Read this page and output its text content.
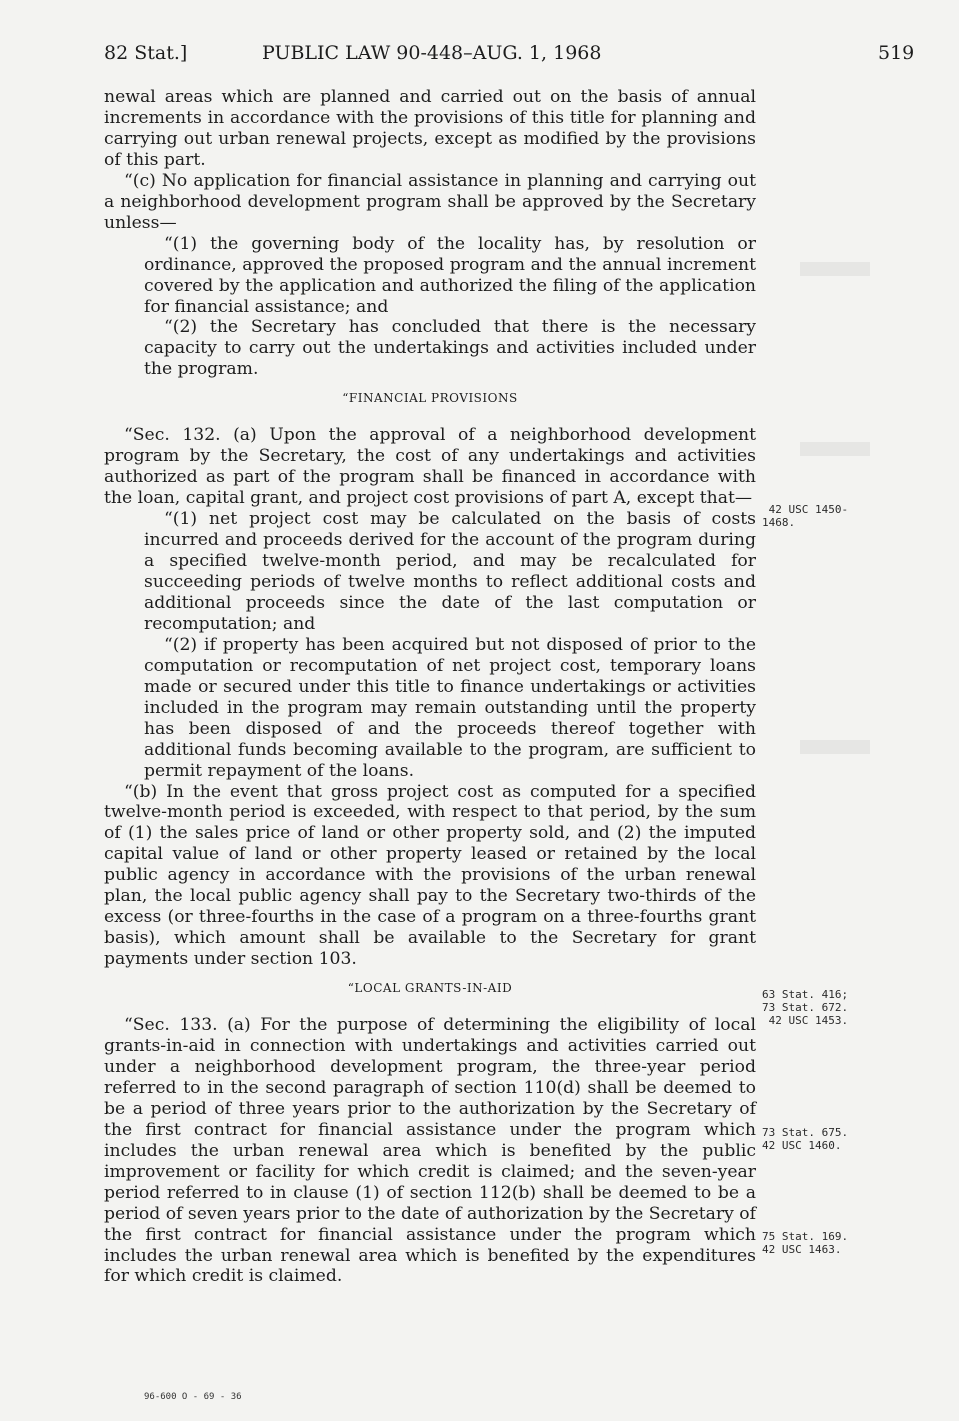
82 Stat.]	PUBLIC LAW 90-448–AUG. 1, 1968	519

newal areas which are planned and carried out on the basis of annual increments in accordance with the provisions of this title for planning and carrying out urban renewal projects, except as modified by the provisions of this part.

“(c) No application for financial assistance in planning and carrying out a neighborhood development program shall be approved by the Secretary unless—

“(1) the governing body of the locality has, by resolution or ordinance, approved the proposed program and the annual increment covered by the application and authorized the filing of the application for financial assistance; and

“(2) the Secretary has concluded that there is the necessary capacity to carry out the undertakings and activities included under the program.

“FINANCIAL PROVISIONS

“Sec. 132. (a) Upon the approval of a neighborhood development program by the Secretary, the cost of any undertakings and activities authorized as part of the program shall be financed in accordance with the loan, capital grant, and project cost provisions of part A, except that—

“(1) net project cost may be calculated on the basis of costs incurred and proceeds derived for the account of the program during a specified twelve-month period, and may be recalculated for succeeding periods of twelve months to reflect additional costs and additional proceeds since the date of the last computation or recomputation; and

“(2) if property has been acquired but not disposed of prior to the computation or recomputation of net project cost, temporary loans made or secured under this title to finance undertakings or activities included in the program may remain outstanding until the property has been disposed of and the proceeds thereof together with additional funds becoming available to the program, are sufficient to permit repayment of the loans.

“(b) In the event that gross project cost as computed for a specified twelve-month period is exceeded, with respect to that period, by the sum of (1) the sales price of land or other property sold, and (2) the imputed capital value of land or other property leased or retained by the local public agency in accordance with the provisions of the urban renewal plan, the local public agency shall pay to the Secretary two-thirds of the excess (or three-fourths in the case of a program on a three-fourths grant basis), which amount shall be available to the Secretary for grant payments under section 103.

“LOCAL GRANTS-IN-AID

“Sec. 133. (a) For the purpose of determining the eligibility of local grants-in-aid in connection with undertakings and activities carried out under a neighborhood development program, the three-year period referred to in the second paragraph of section 110(d) shall be deemed to be a period of three years prior to the authorization by the Secretary of the first contract for financial assistance under the program which includes the urban renewal area which is benefited by the public improvement or facility for which credit is claimed; and the seven-year period referred to in clause (1) of section 112(b) shall be deemed to be a period of seven years prior to the date of authorization by the Secretary of the first contract for financial assistance under the program which includes the urban renewal area which is benefited by the expenditures for which credit is claimed.

42 USC 1450-
1468.
63 Stat. 416;
73 Stat. 672.
42 USC 1453.
73 Stat. 675.
42 USC 1460.
75 Stat. 169.
42 USC 1463.
96-600 O - 69 - 36
